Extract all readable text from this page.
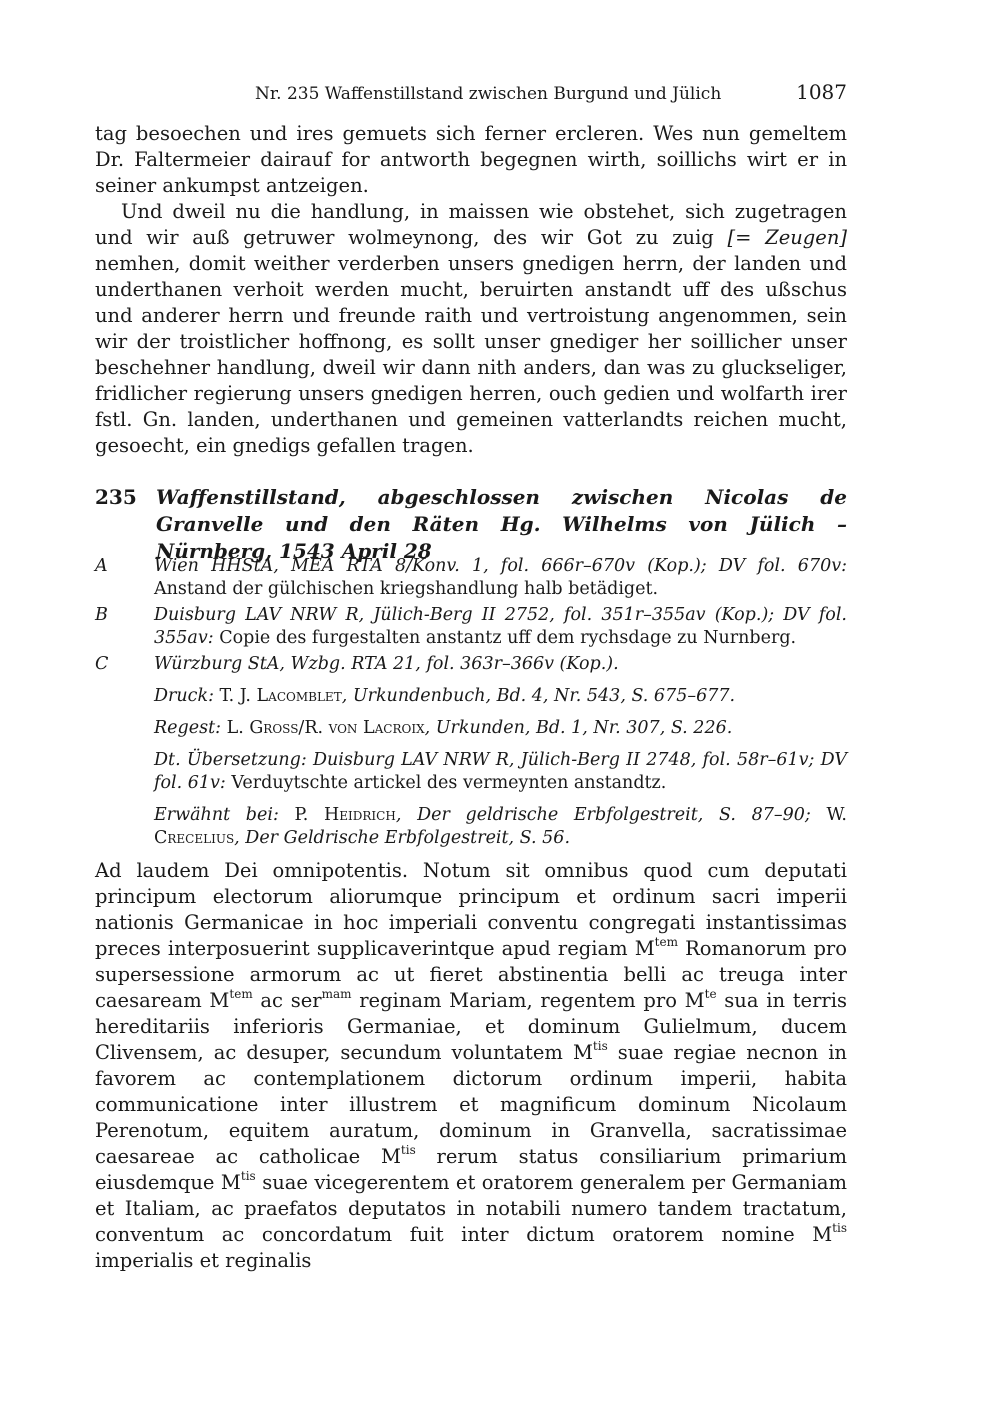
Nr. 235 Waffenstillstand zwischen Burgund und Jülich	1087

tag besoechen und ires gemuets sich ferner ercleren. Wes nun gemeltem Dr. Faltermeier dairauf for antworth begegnen wirth, soillichs wirt er in seiner ankumpst antzeigen.

Und dweil nu die handlung, in maissen wie obstehet, sich zugetragen und wir auß getruwer wolmeynong, des wir Got zu zuig [= Zeugen] nemhen, domit weither verderben unsers gnedigen herrn, der landen und underthanen verhoit werden mucht, beruirten anstandt uff des ußschus und anderer herrn und freunde raith und vertroistung angenommen, sein wir der troistlicher hoffnong, es sollt unser gnediger her soillicher unser beschehner handlung, dweil wir dann nith anders, dan was zu gluckseliger, fridlicher regierung unsers gnedigen herren, ouch gedien und wolfarth irer fstl. Gn. landen, underthanen und gemeinen vatterlandts reichen mucht, gesoecht, ein gnedigs gefallen tragen.

235 Waffenstillstand, abgeschlossen zwischen Nicolas de Granvelle und den Räten Hg. Wilhelms von Jülich – Nürnberg, 1543 April 28
A	Wien HHStA, MEA RTA 8/Konv. 1, fol. 666r–670v (Kop.); DV fol. 670v: Anstand der gülchischen kriegshandlung halb betädiget.
B	Duisburg LAV NRW R, Jülich-Berg II 2752, fol. 351r–355av (Kop.); DV fol. 355av: Copie des furgestalten anstantz uff dem rychsdage zu Nurnberg.
C	Würzburg StA, Wzbg. RTA 21, fol. 363r–366v (Kop.).
Druck: T. J. Lacomblet, Urkundenbuch, Bd. 4, Nr. 543, S. 675–677.
Regest: L. Groß/R. von Lacroix, Urkunden, Bd. 1, Nr. 307, S. 226.
Dt. Übersetzung: Duisburg LAV NRW R, Jülich-Berg II 2748, fol. 58r–61v; DV fol. 61v: Verduytschte artickel des vermeynten anstandtz.
Erwähnt bei: P. Heidrich, Der geldrische Erbfolgestreit, S. 87–90; W. Crecelius, Der Geldrische Erbfolgestreit, S. 56.

Ad laudem Dei omnipotentis. Notum sit omnibus quod cum deputati principum electorum aliorumque principum et ordinum sacri imperii nationis Germanicae in hoc imperiali conventu congregati instantissimas preces interposuerint supplicaverintque apud regiam $M^{tem}$ Romanorum pro supersessione armorum ac ut fieret abstinentia belli ac treuga inter caesaream $M^{tem}$ ac ser$^{mam}$ reginam Mariam, regentem pro $M^{te}$ sua in terris hereditariis inferioris Germaniae, et dominum Gulielmum, ducem Clivensem, ac desuper, secundum voluntatem $M^{tis}$ suae regiae necnon in favorem ac contemplationem dictorum ordinum imperii, habita communicatione inter illustrem et magnificum dominum Nicolaum Perenotum, equitem auratum, dominum in Granvella, sacratissimae caesareae ac catholicae $M^{tis}$ rerum status consiliarium primarium eiusdemque $M^{tis}$ suae vicegerentem et oratorem generalem per Germaniam et Italiam, ac praefatos deputatos in notabili numero tandem tractatum, conventum ac concordatum fuit inter dictum oratorem nomine $M^{tis}$ imperialis et reginalis
